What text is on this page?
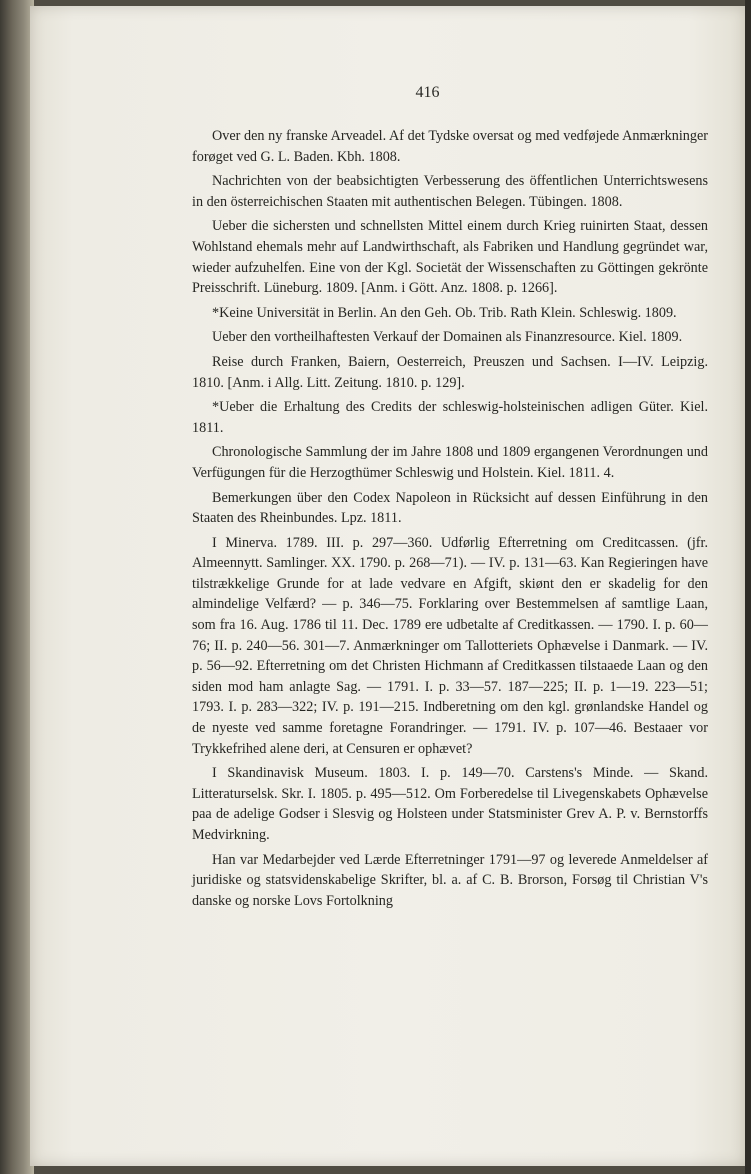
416

Over den ny franske Arveadel. Af det Tydske oversat og med vedføjede Anmærkninger forøget ved G. L. Baden. Kbh. 1808.

Nachrichten von der beabsichtigten Verbesserung des öffentlichen Unterrichtswesens in den österreichischen Staaten mit authentischen Belegen. Tübingen. 1808.

Ueber die sichersten und schnellsten Mittel einem durch Krieg ruinirten Staat, dessen Wohlstand ehemals mehr auf Landwirthschaft, als Fabriken und Handlung gegründet war, wieder aufzuhelfen. Eine von der Kgl. Societät der Wissenschaften zu Göttingen gekrönte Preisschrift. Lüneburg. 1809. [Anm. i Gött. Anz. 1808. p. 1266].

*Keine Universität in Berlin. An den Geh. Ob. Trib. Rath Klein. Schleswig. 1809.

Ueber den vortheilhaftesten Verkauf der Domainen als Finanzresource. Kiel. 1809.

Reise durch Franken, Baiern, Oesterreich, Preuszen und Sachsen. I—IV. Leipzig. 1810. [Anm. i Allg. Litt. Zeitung. 1810. p. 129].

*Ueber die Erhaltung des Credits der schleswig-holsteinischen adligen Güter. Kiel. 1811.

Chronologische Sammlung der im Jahre 1808 und 1809 ergangenen Verordnungen und Verfügungen für die Herzogthümer Schleswig und Holstein. Kiel. 1811. 4.

Bemerkungen über den Codex Napoleon in Rücksicht auf dessen Einführung in den Staaten des Rheinbundes. Lpz. 1811.

I Minerva. 1789. III. p. 297—360. Udførlig Efterretning om Creditcassen. (jfr. Almeennytt. Samlinger. XX. 1790. p. 268—71). — IV. p. 131—63. Kan Regieringen have tilstrækkelige Grunde for at lade vedvare en Afgift, skiønt den er skadelig for den almindelige Velfærd? — p. 346—75. Forklaring over Bestemmelsen af samtlige Laan, som fra 16. Aug. 1786 til 11. Dec. 1789 ere udbetalte af Creditkassen. — 1790. I. p. 60—76; II. p. 240—56. 301—7. Anmærkninger om Tallotteriets Ophævelse i Danmark. — IV. p. 56—92. Efterretning om det Christen Hichmann af Creditkassen tilstaaede Laan og den siden mod ham anlagte Sag. — 1791. I. p. 33—57. 187—225; II. p. 1—19. 223—51; 1793. I. p. 283—322; IV. p. 191—215. Indberetning om den kgl. grønlandske Handel og de nyeste ved samme foretagne Forandringer. — 1791. IV. p. 107—46. Bestaaer vor Trykkefrihed alene deri, at Censuren er ophævet?

I Skandinavisk Museum. 1803. I. p. 149—70. Carstens's Minde. — Skand. Litteraturselsk. Skr. I. 1805. p. 495—512. Om Forberedelse til Livegenskabets Ophævelse paa de adelige Godser i Slesvig og Holsteen under Statsminister Grev A. P. v. Bernstorffs Medvirkning.

Han var Medarbejder ved Lærde Efterretninger 1791—97 og leverede Anmeldelser af juridiske og statsvidenskabelige Skrifter, bl. a. af C. B. Brorson, Forsøg til Christian V's danske og norske Lovs Fortolkning
